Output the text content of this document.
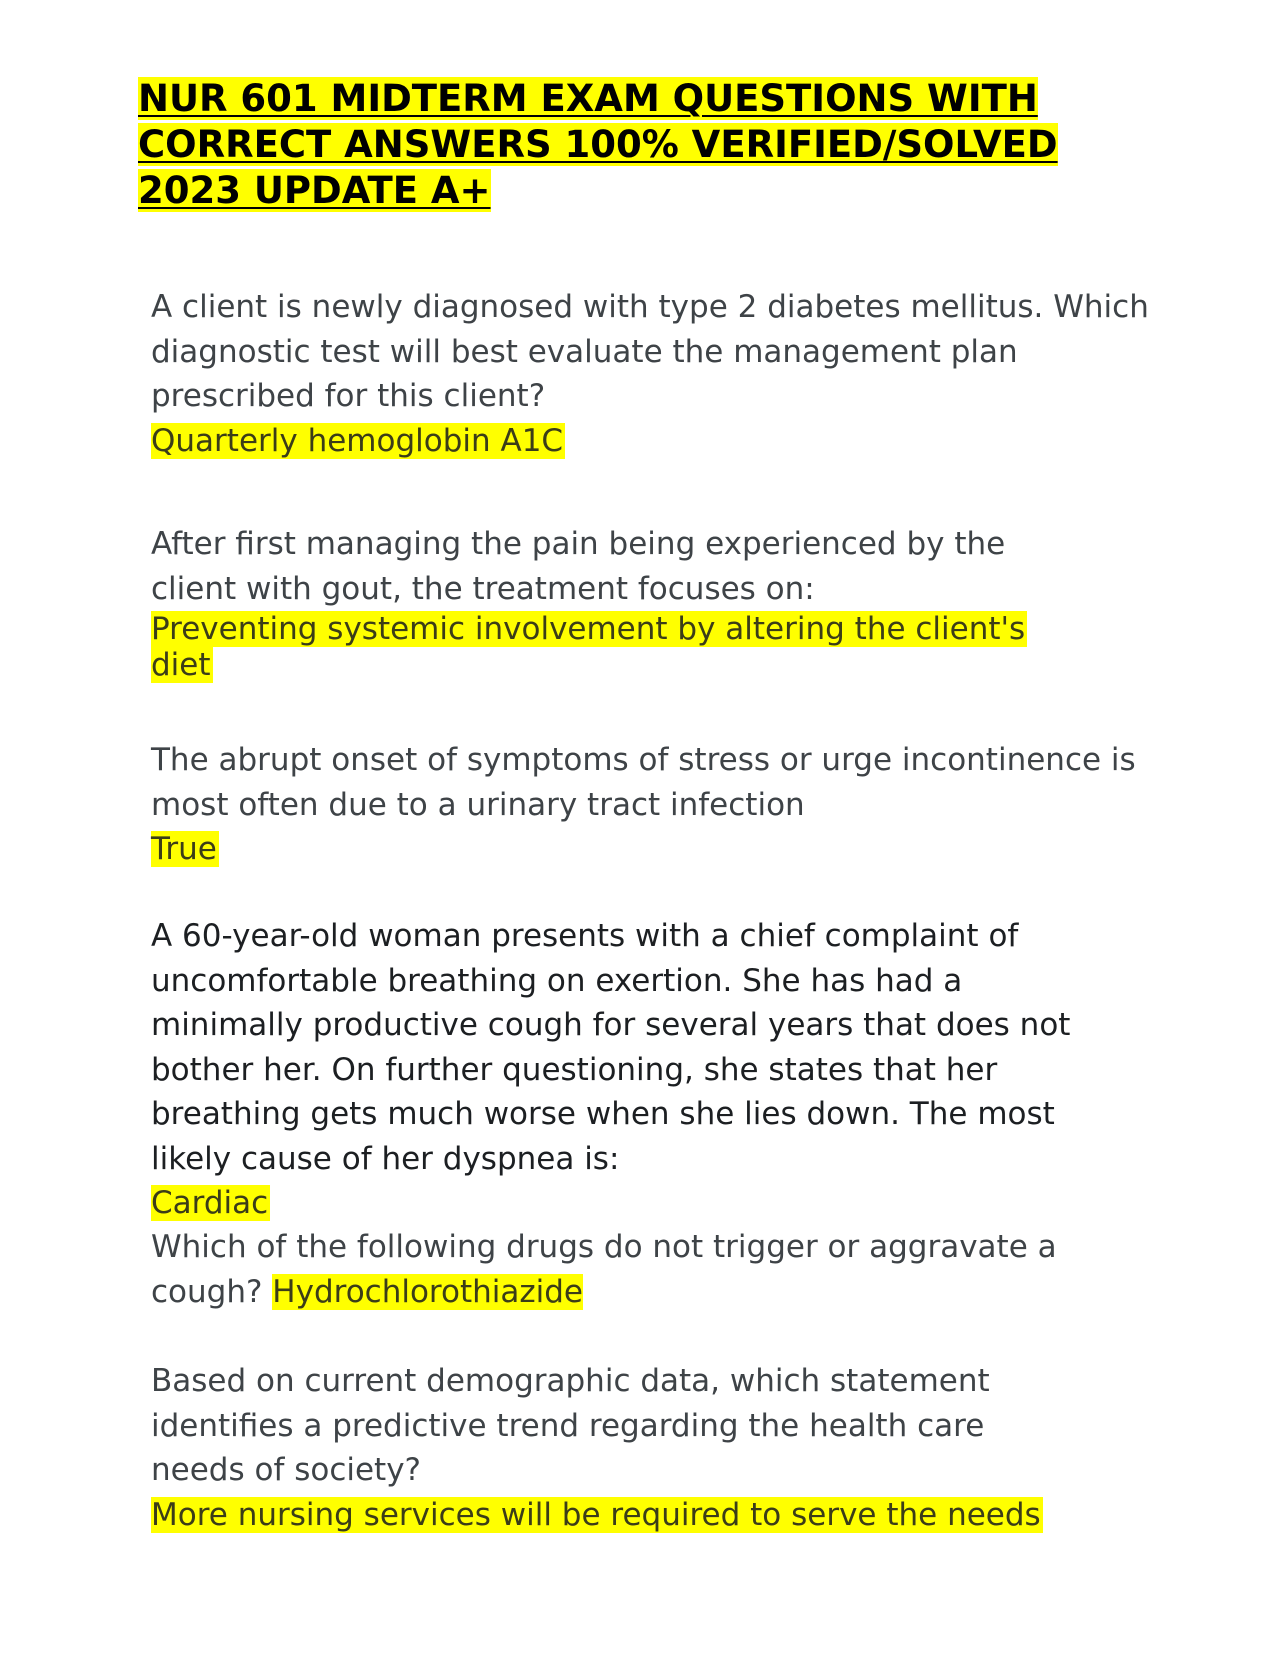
NUR 601 MIDTERM EXAM QUESTIONS WITH
CORRECT ANSWERS 100% VERIFIED/SOLVED
2023 UPDATE A+
A client is newly diagnosed with type 2 diabetes mellitus. Which diagnostic test will best evaluate the management plan prescribed for this client?
Quarterly hemoglobin A1C
After first managing the pain being experienced by the client with gout, the treatment focuses on:
Preventing systemic involvement by altering the client's
diet
The abrupt onset of symptoms of stress or urge incontinence is most often due to a urinary tract infection
True
A 60-year-old woman presents with a chief complaint of uncomfortable breathing on exertion. She has had a minimally productive cough for several years that does not bother her. On further questioning, she states that her breathing gets much worse when she lies down. The most likely cause of her dyspnea is:
Cardiac
Which of the following drugs do not trigger or aggravate a cough? Hydrochlorothiazide
Based on current demographic data, which statement identifies a predictive trend regarding the health care needs of society?
More nursing services will be required to serve the needs
